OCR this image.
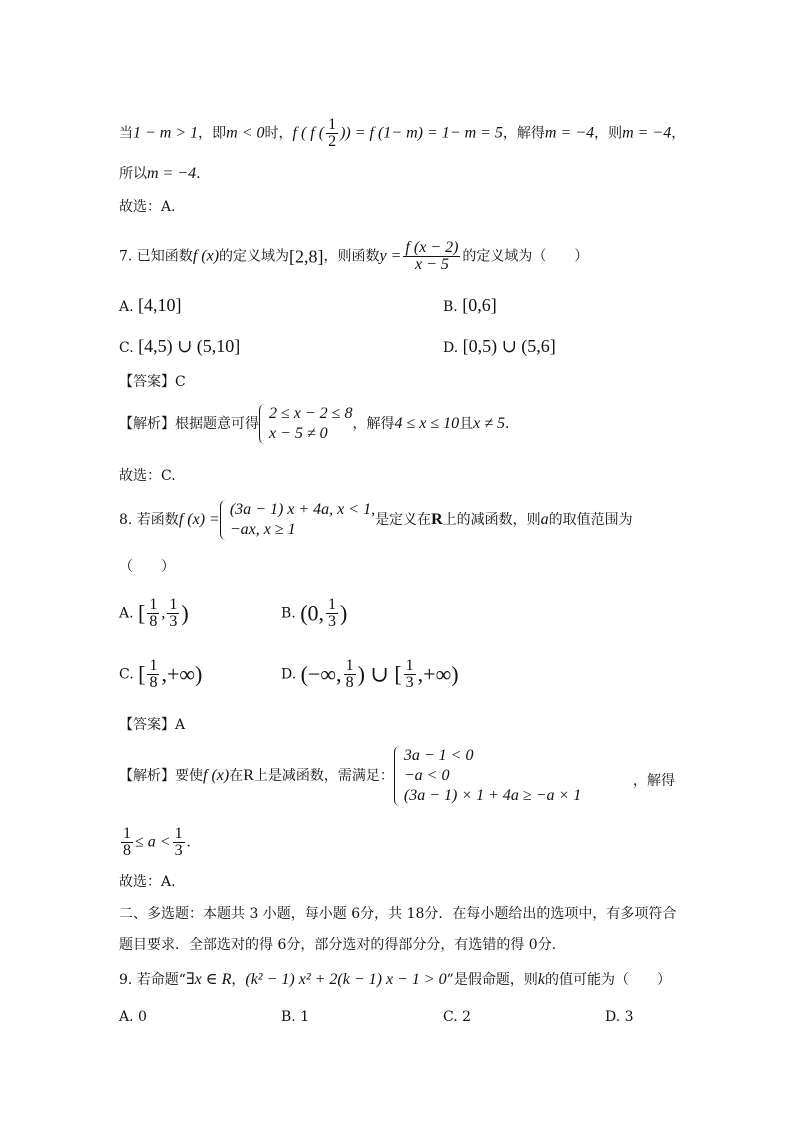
当1 − m > 1，即m < 0时，f ( f ( $\frac{1}{2}$ )) = f (1− m) = 1− m = 5，解得m = −4，则m = −4，
所以m = −4．
故选：A.
7. 已知函数f (x)的定义域为[2,8]，则函数$y = \frac{f (x - 2)}{x - 5}$ 的定义域为（　　）
A. [4,10]	B. [0,6]
C. [4,5) ∪ (5,10]	D. [0,5) ∪ (5,6]
【答案】C
【解析】根据题意可得
2 ≤ x − 2 ≤ 8
x − 5 ≠ 0
，解得4 ≤ x ≤ 10且x ≠ 5．
故选：C.
8. 若函数f (x) =
(3a − 1) x + 4a, x < 1,
−ax, x ≥ 1
是定义在R上的减函数，则a的取值范围为
（　　）
A. [ $\frac{1}{8}$ , $\frac{1}{3}$ )	B. (0, $\frac{1}{3}$ )
C. [ $\frac{1}{8}$ ,+∞)	D. (−∞, $\frac{1}{8}$ ) ∪ [ $\frac{1}{3}$ ,+∞)
【答案】A
【解析】要使f (x)在R上是减函数，需满足：
3a − 1 < 0
−a < 0
(3a − 1) × 1 + 4a ≥ −a × 1
，解得
$\frac{1}{8} \le a < \frac{1}{3}$ .
故选：A.
二、多选题：本题共 3 小题，每小题 6分，共 18分．在每小题给出的选项中，有多项符合
题目要求．全部选对的得 6分，部分选对的得部分分，有选错的得 0分．
9. 若命题“∃x ∈ R，(k² − 1) x² + 2(k − 1) x − 1 > 0”是假命题，则k的值可能为（　　）
A. 0	B. 1	C. 2	D. 3
